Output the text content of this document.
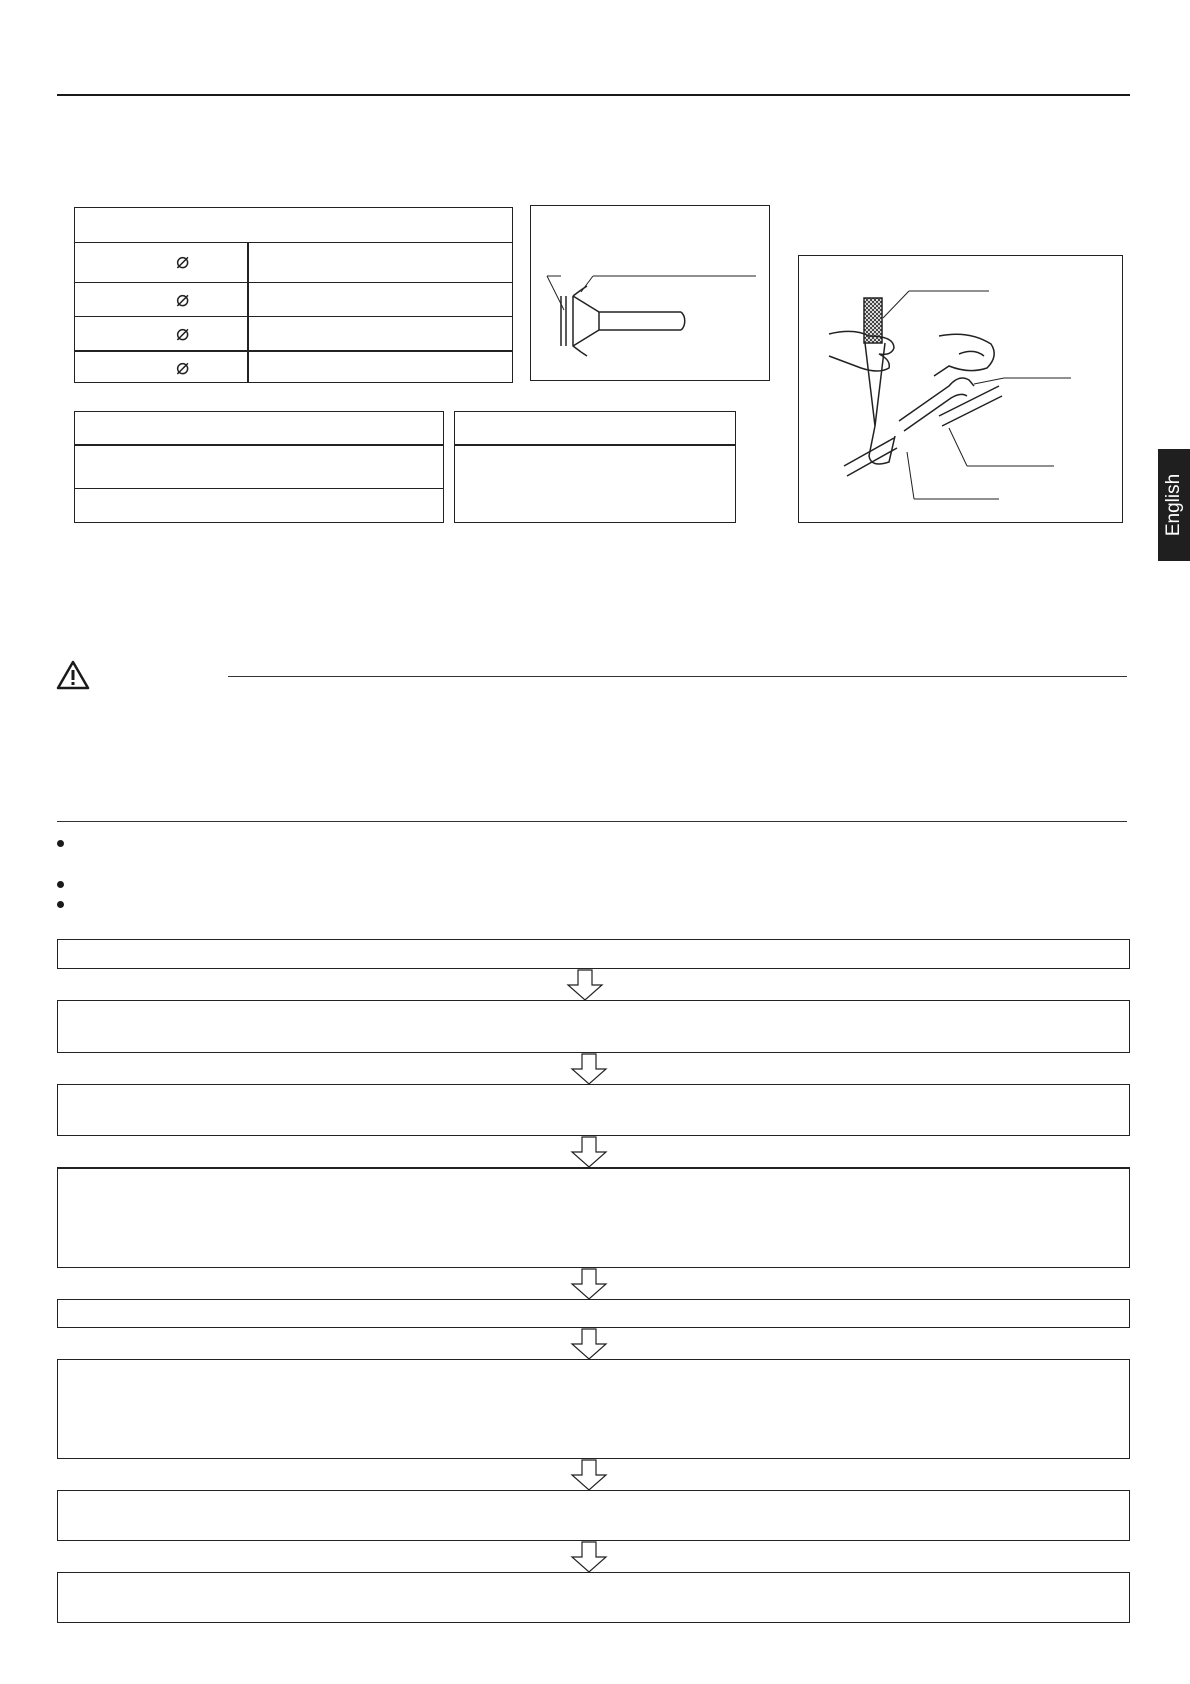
⌀
⌀
⌀
⌀
English
